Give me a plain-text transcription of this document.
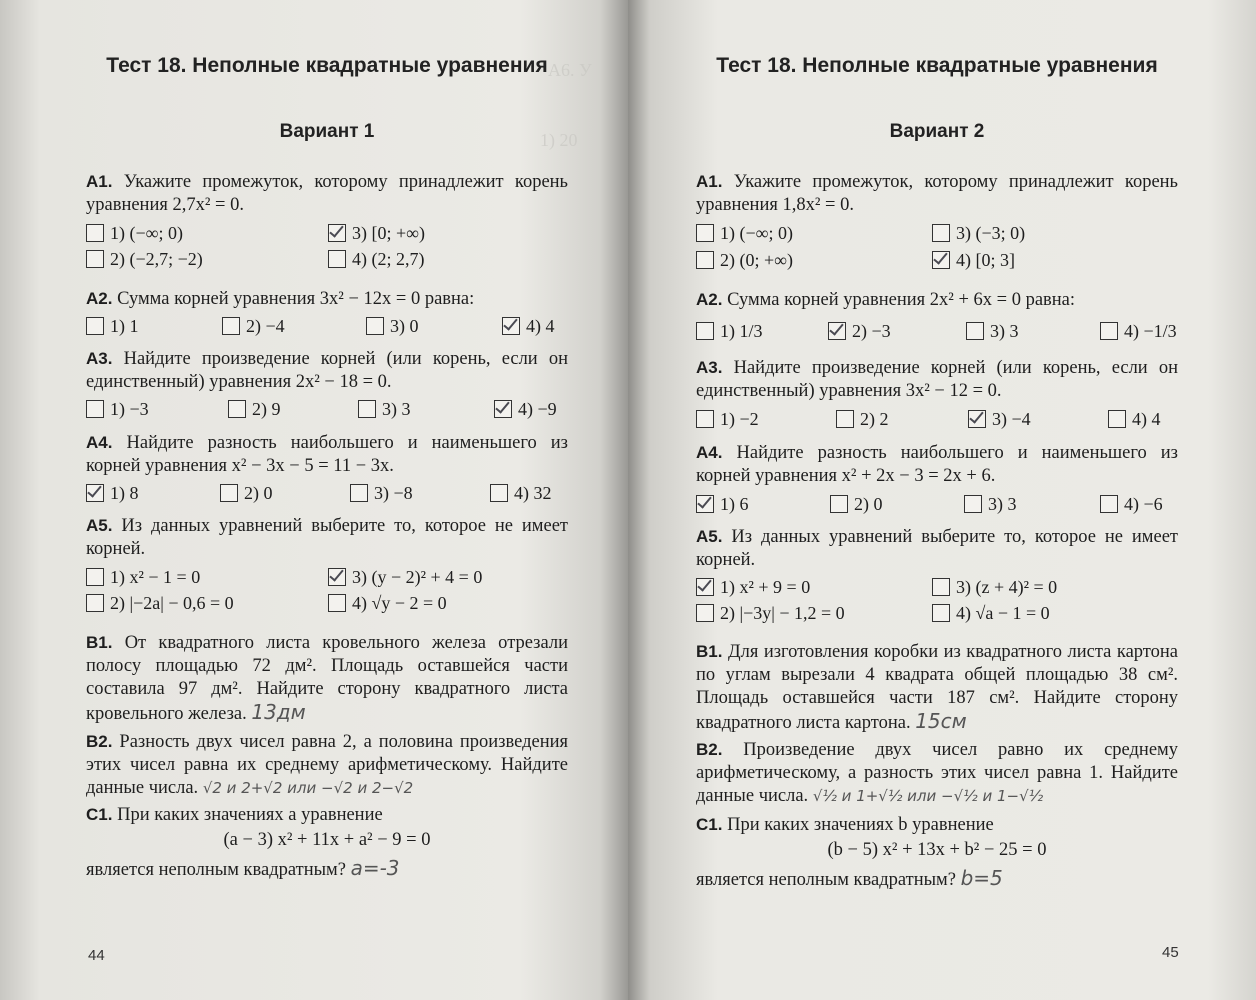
A6. У
1) 20
Тест 18. Неполные квадратные уравнения
Вариант 1
A1. Укажите промежуток, которому принадлежит корень уравнения 2,7x² = 0.
1) (−∞; 0)	3) [0; +∞)
2) (−2,7; −2)	4) (2; 2,7)
A2. Сумма корней уравнения 3x² − 12x = 0 равна:
1) 1	2) −4	3) 0	4) 4
A3. Найдите произведение корней (или корень, если он единственный) уравнения 2x² − 18 = 0.
1) −3	2) 9	3) 3	4) −9
A4. Найдите разность наибольшего и наименьшего из корней уравнения x² − 3x − 5 = 11 − 3x.
1) 8	2) 0	3) −8	4) 32
A5. Из данных уравнений выберите то, которое не имеет корней.
1) x² − 1 = 0	3) (y − 2)² + 4 = 0
2) |−2a| − 0,6 = 0	4) √y − 2 = 0
B1. От квадратного листа кровельного железа отрезали полосу площадью 72 дм². Площадь оставшейся части составила 97 дм². Найдите сторону квадратного листа кровельного железа. 13дм
B2. Разность двух чисел равна 2, а половина произведения этих чисел равна их среднему арифметическому. Найдите данные числа. √2 и 2+√2 или −√2 и 2−√2
C1. При каких значениях a уравнение
(a − 3) x² + 11x + a² − 9 = 0
является неполным квадратным? a=-3
44
Тест 18. Неполные квадратные уравнения
Вариант 2
A1. Укажите промежуток, которому принадлежит корень уравнения 1,8x² = 0.
1) (−∞; 0)	3) (−3; 0)
2) (0; +∞)	4) [0; 3]
A2. Сумма корней уравнения 2x² + 6x = 0 равна:
1) 1/3	2) −3	3) 3	4) −1/3
A3. Найдите произведение корней (или корень, если он единственный) уравнения 3x² − 12 = 0.
1) −2	2) 2	3) −4	4) 4
A4. Найдите разность наибольшего и наименьшего из корней уравнения x² + 2x − 3 = 2x + 6.
1) 6	2) 0	3) 3	4) −6
A5. Из данных уравнений выберите то, которое не имеет корней.
1) x² + 9 = 0	3) (z + 4)² = 0
2) |−3y| − 1,2 = 0	4) √a − 1 = 0
B1. Для изготовления коробки из квадратного листа картона по углам вырезали 4 квадрата общей площадью 38 см². Площадь оставшейся части 187 см². Найдите сторону квадратного листа картона. 15см
B2. Произведение двух чисел равно их среднему арифметическому, а разность этих чисел равна 1. Найдите данные числа. √½ и 1+√½ или −√½ и 1−√½
C1. При каких значениях b уравнение
(b − 5) x² + 13x + b² − 25 = 0
является неполным квадратным? b=5
45
